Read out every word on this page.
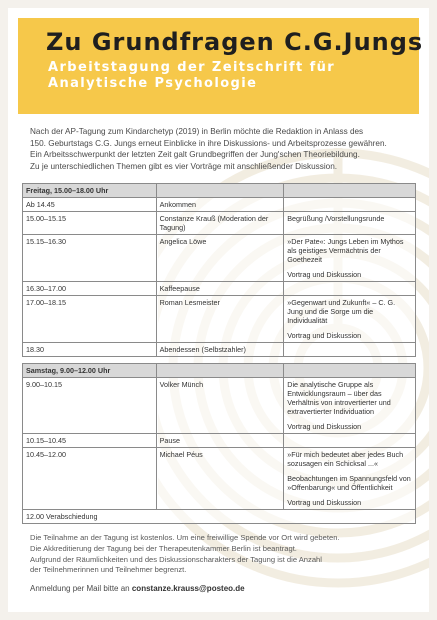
Zu Grundfragen C.G.Jungs
Arbeitstagung der Zeitschrift für
Analytische Psychologie
Nach der AP-Tagung zum Kindarchetyp (2019) in Berlin möchte die Redaktion in Anlass des
150. Geburtstags C.G. Jungs erneut Einblicke in ihre Diskussions- und Arbeitsprozesse gewähren.
Ein Arbeitsschwerpunkt der letzten Zeit galt Grundbegriffen der Jung'schen Theoriebildung.
Zu je unterschiedlichen Themen gibt es vier Vorträge mit anschließender Diskussion.
Freitag, 15.00–18.00 Uhr		
Ab 14.45	Ankommen	
15.00–15.15	Constanze Krauß (Moderation der Tagung)	Begrüßung /Vorstellungsrunde
15.15–16.30	Angelica Löwe	»Der Pate«: Jungs Leben im Mythos als geistiges Vermächtnis der Goethezeit
Vortrag und Diskussion

16.30–17.00	Kaffeepause	
17.00–18.15	Roman Lesmeister	»Gegenwart und Zukunft« – C. G. Jung und die Sorge um die Individualität
Vortrag und Diskussion

18.30	Abendessen (Selbstzahler)	

Samstag, 9.00–12.00 Uhr		
9.00–10.15	Volker Münch	Die analytische Gruppe als Entwicklungsraum – über das Verhältnis von introvertierter und extravertierter Individuation
Vortrag und Diskussion

10.15–10.45	Pause	
10.45–12.00	Michael Péus	»Für mich bedeutet aber jedes Buch sozusagen ein Schicksal ...«
Beobachtungen im Spannungsfeld von »Offenbarung« und Öffentlichkeit
Vortrag und Diskussion

12.00 Verabschiedung		
Die Teilnahme an der Tagung ist kostenlos. Um eine freiwillige Spende vor Ort wird gebeten.
Die Akkreditierung der Tagung bei der Therapeutenkammer Berlin ist beantragt.
Aufgrund der Räumlichkeiten und des Diskussionscharakters der Tagung ist die Anzahl
der Teilnehmerinnen und Teilnehmer begrenzt.
Anmeldung per Mail bitte an constanze.krauss@posteo.de
